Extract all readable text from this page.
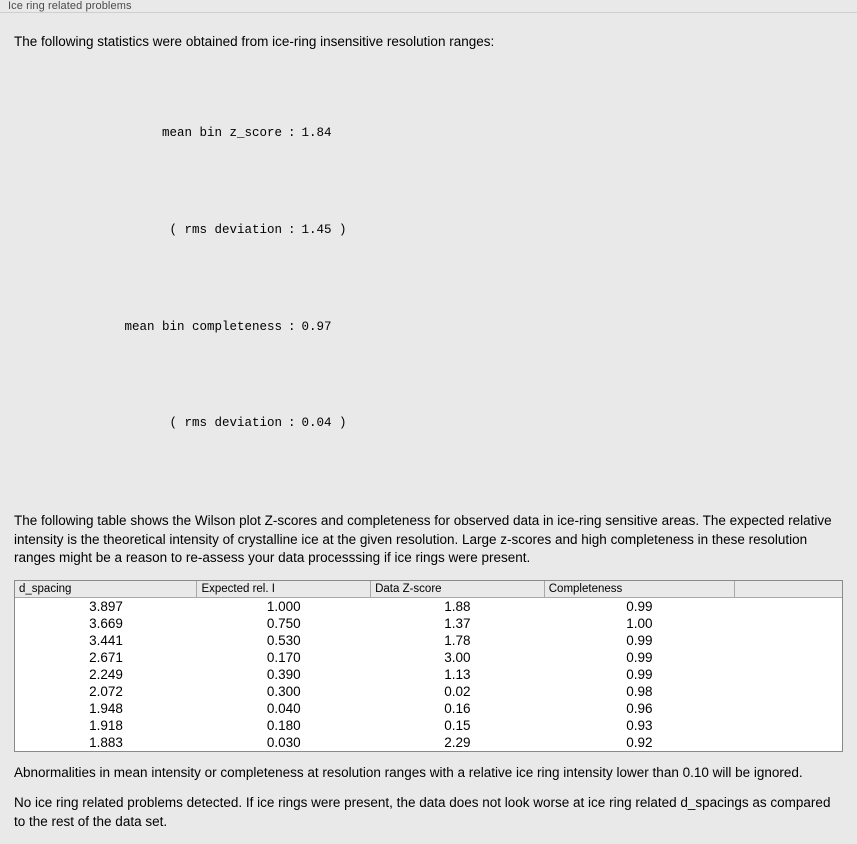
Ice ring related problems

The following statistics were obtained from ice-ring insensitive resolution ranges:

mean bin z_score : 1.84

( rms deviation : 1.45 )

mean bin completeness : 0.97

( rms deviation : 0.04 )

The following table shows the Wilson plot Z-scores and completeness for observed data in ice-ring sensitive areas. The expected relative intensity is the theoretical intensity of crystalline ice at the given resolution. Large z-scores and high completeness in these resolution ranges might be a reason to re-assess your data processsing if ice rings were present.

d_spacing	Expected rel. I	Data Z-score	Completeness	
3.897	1.000	1.88	0.99	
3.669	0.750	1.37	1.00	
3.441	0.530	1.78	0.99	
2.671	0.170	3.00	0.99	
2.249	0.390	1.13	0.99	
2.072	0.300	0.02	0.98	
1.948	0.040	0.16	0.96	
1.918	0.180	0.15	0.93	
1.883	0.030	2.29	0.92	

Abnormalities in mean intensity or completeness at resolution ranges with a relative ice ring intensity lower than 0.10 will be ignored.

No ice ring related problems detected. If ice rings were present, the data does not look worse at ice ring related d_spacings as compared to the rest of the data set.
